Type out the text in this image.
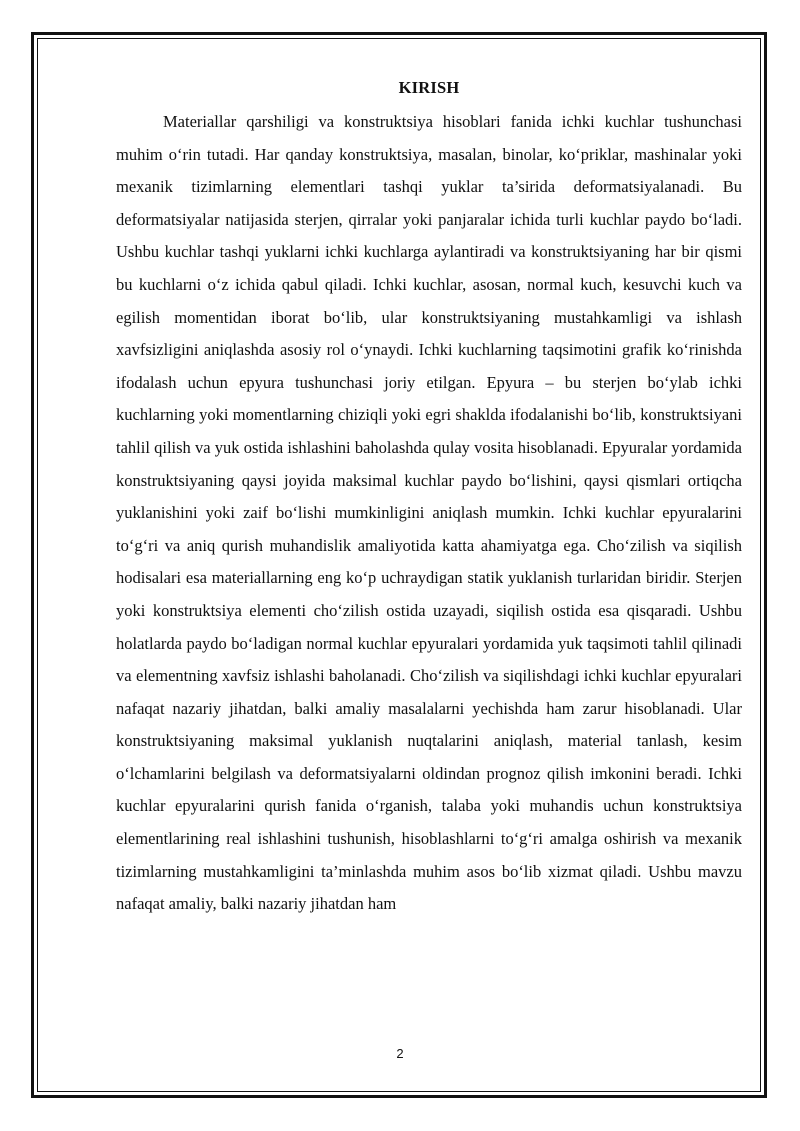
KIRISH

Materiallar qarshiligi va konstruktsiya hisoblari fanida ichki kuchlar tushunchasi muhim o‘rin tutadi. Har qanday konstruktsiya, masalan, binolar, ko‘priklar, mashinalar yoki mexanik tizimlarning elementlari tashqi yuklar ta’sirida deformatsiyalanadi. Bu deformatsiyalar natijasida sterjen, qirralar yoki panjaralar ichida turli kuchlar paydo bo‘ladi. Ushbu kuchlar tashqi yuklarni ichki kuchlarga aylantiradi va konstruktsiyaning har bir qismi bu kuchlarni o‘z ichida qabul qiladi. Ichki kuchlar, asosan, normal kuch, kesuvchi kuch va egilish momentidan iborat bo‘lib, ular konstruktsiyaning mustahkamligi va ishlash xavfsizligini aniqlashda asosiy rol o‘ynaydi. Ichki kuchlarning taqsimotini grafik ko‘rinishda ifodalash uchun epyura tushunchasi joriy etilgan. Epyura – bu sterjen bo‘ylab ichki kuchlarning yoki momentlarning chiziqli yoki egri shaklda ifodalanishi bo‘lib, konstruktsiyani tahlil qilish va yuk ostida ishlashini baholashda qulay vosita hisoblanadi. Epyuralar yordamida konstruktsiyaning qaysi joyida maksimal kuchlar paydo bo‘lishini, qaysi qismlari ortiqcha yuklanishini yoki zaif bo‘lishi mumkinligini aniqlash mumkin. Ichki kuchlar epyuralarini to‘g‘ri va aniq qurish muhandislik amaliyotida katta ahamiyatga ega. Cho‘zilish va siqilish hodisalari esa materiallarning eng ko‘p uchraydigan statik yuklanish turlaridan biridir. Sterjen yoki konstruktsiya elementi cho‘zilish ostida uzayadi, siqilish ostida esa qisqaradi. Ushbu holatlarda paydo bo‘ladigan normal kuchlar epyuralari yordamida yuk taqsimoti tahlil qilinadi va elementning xavfsiz ishlashi baholanadi. Cho‘zilish va siqilishdagi ichki kuchlar epyuralari nafaqat nazariy jihatdan, balki amaliy masalalarni yechishda ham zarur hisoblanadi. Ular konstruktsiyaning maksimal yuklanish nuqtalarini aniqlash, material tanlash, kesim o‘lchamlarini belgilash va deformatsiyalarni oldindan prognoz qilish imkonini beradi. Ichki kuchlar epyuralarini qurish fanida o‘rganish, talaba yoki muhandis uchun konstruktsiya elementlarining real ishlashini tushunish, hisoblashlarni to‘g‘ri amalga oshirish va mexanik tizimlarning mustahkamligini ta’minlashda muhim asos bo‘lib xizmat qiladi. Ushbu mavzu nafaqat amaliy, balki nazariy jihatdan ham

2
